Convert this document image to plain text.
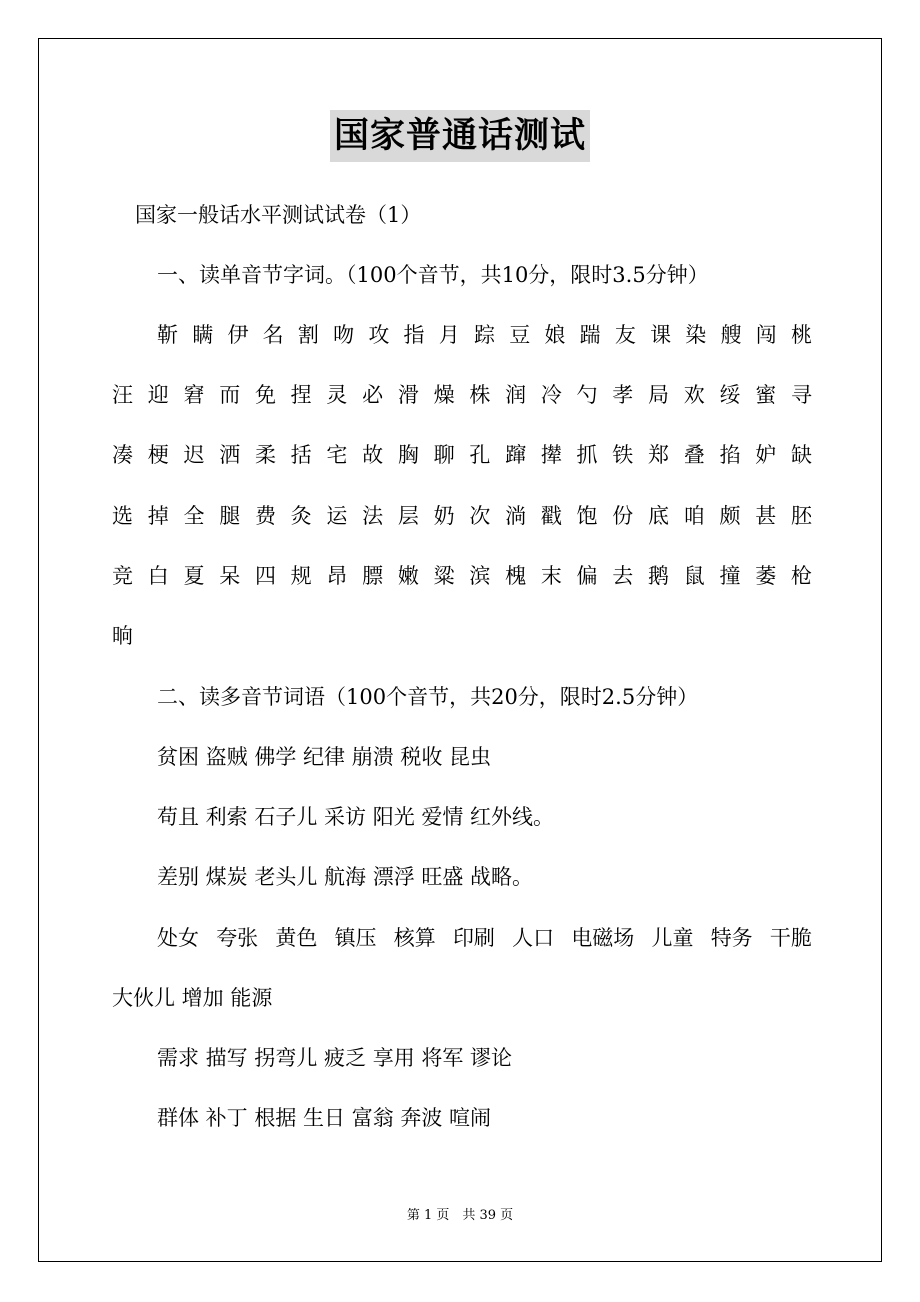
国家普通话测试
国家一般话水平测试试卷（1）
一、读单音节字词。（100个音节，共10分，限时3.5分钟）
靳 瞒 伊 名 割 吻 攻 指 月 踪 豆 娘 踹 友 课 染 艘 闯 桃
汪 迎 窘 而 免 捏 灵 必 滑 燥 株 润 冷 勺 孝 局 欢 绥 蜜 寻
凑 梗 迟 洒 柔 括 宅 故 胸 聊 孔 蹿 撵 抓 铁 郑 叠 掐 妒 缺
选 掉 全 腿 费 灸 运 法 层 奶 次 淌 戳 饱 份 底 咱 颇 甚 胚
竞 白 夏 呆 四 规 昂 膘 嫩 粱 滨 槐 末 偏 去 鹅 鼠 撞 萎 枪
晌
二、读多音节词语（100个音节，共20分，限时2.5分钟）
贫困 盗贼 佛学 纪律 崩溃 税收 昆虫
苟且 利索 石子儿 采访 阳光 爱情 红外线。
差别 煤炭 老头儿 航海 漂浮 旺盛 战略。
处女 夸张 黄色 镇压 核算 印刷 人口 电磁场 儿童 特务 干脆
大伙儿 增加 能源
需求 描写 拐弯儿 疲乏 享用 将军 谬论
群体 补丁 根据 生日 富翁 奔波 喧闹
第 1 页　共 39 页
